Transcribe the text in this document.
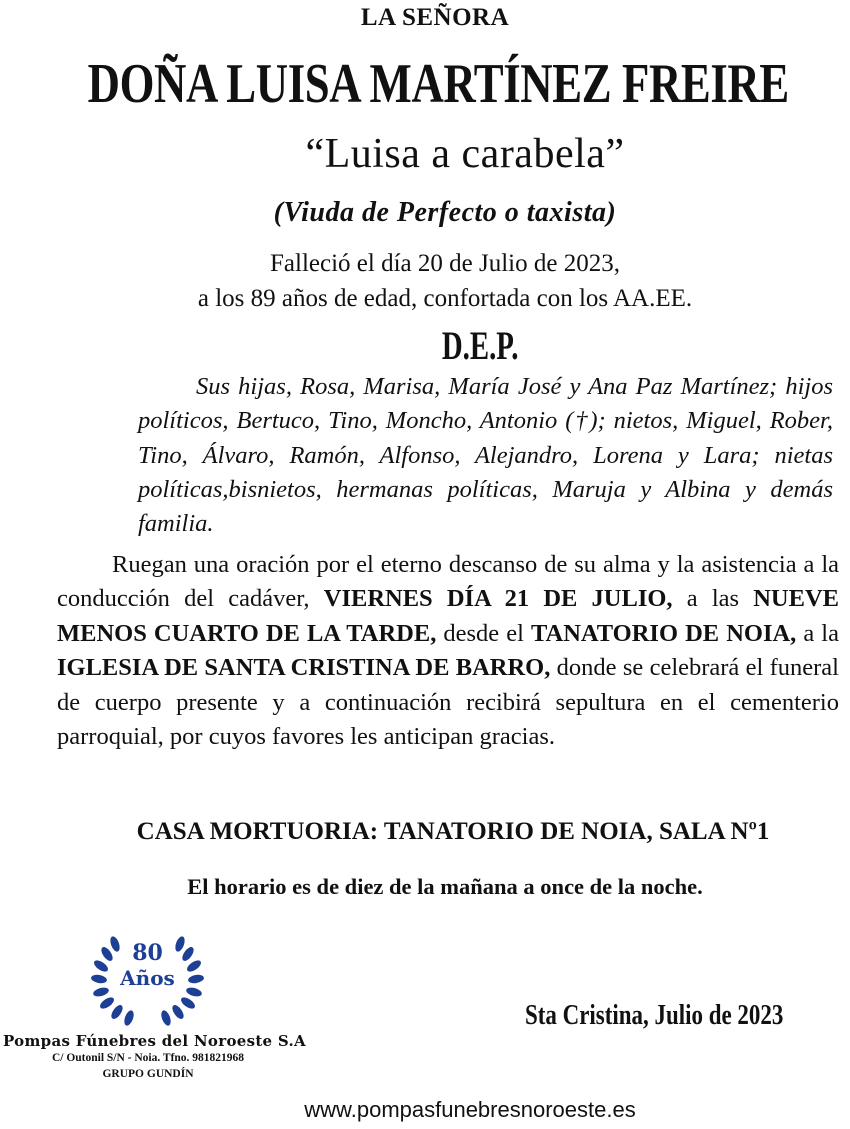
LA SEÑORA
DOÑA LUISA MARTÍNEZ FREIRE
“Luisa a carabela”
(Viuda de Perfecto o taxista)
Falleció el día 20 de Julio de 2023,
a los 89 años de edad, confortada con los AA.EE.
D.E.P.
Sus hijas, Rosa, Marisa, María José y Ana Paz Martínez; hijos políticos, Bertuco, Tino, Moncho, Antonio (†); nietos, Miguel, Rober, Tino, Álvaro, Ramón, Alfonso, Alejandro, Lorena y Lara; nietas políticas,bisnietos, hermanas políticas, Maruja y Albina y demás familia.
Ruegan una oración por el eterno descanso de su alma y la asistencia a la conducción del cadáver, VIERNES DÍA 21 DE JULIO, a las NUEVE MENOS CUARTO DE LA TARDE, desde el TANATORIO DE NOIA, a la IGLESIA DE SANTA CRISTINA DE BARRO, donde se celebrará el funeral de cuerpo presente y a continuación recibirá sepultura en el cementerio parroquial, por cuyos favores les anticipan gracias.
CASA MORTUORIA: TANATORIO DE NOIA, SALA Nº1
El horario es de diez de la mañana a once de la noche.
80
Años
Pompas Fúnebres del Noroeste S.A
C/ Outonil S/N - Noia. Tfno. 981821968
GRUPO GUNDÍN
Sta Cristina, Julio de 2023
www.pompasfunebresnoroeste.es
